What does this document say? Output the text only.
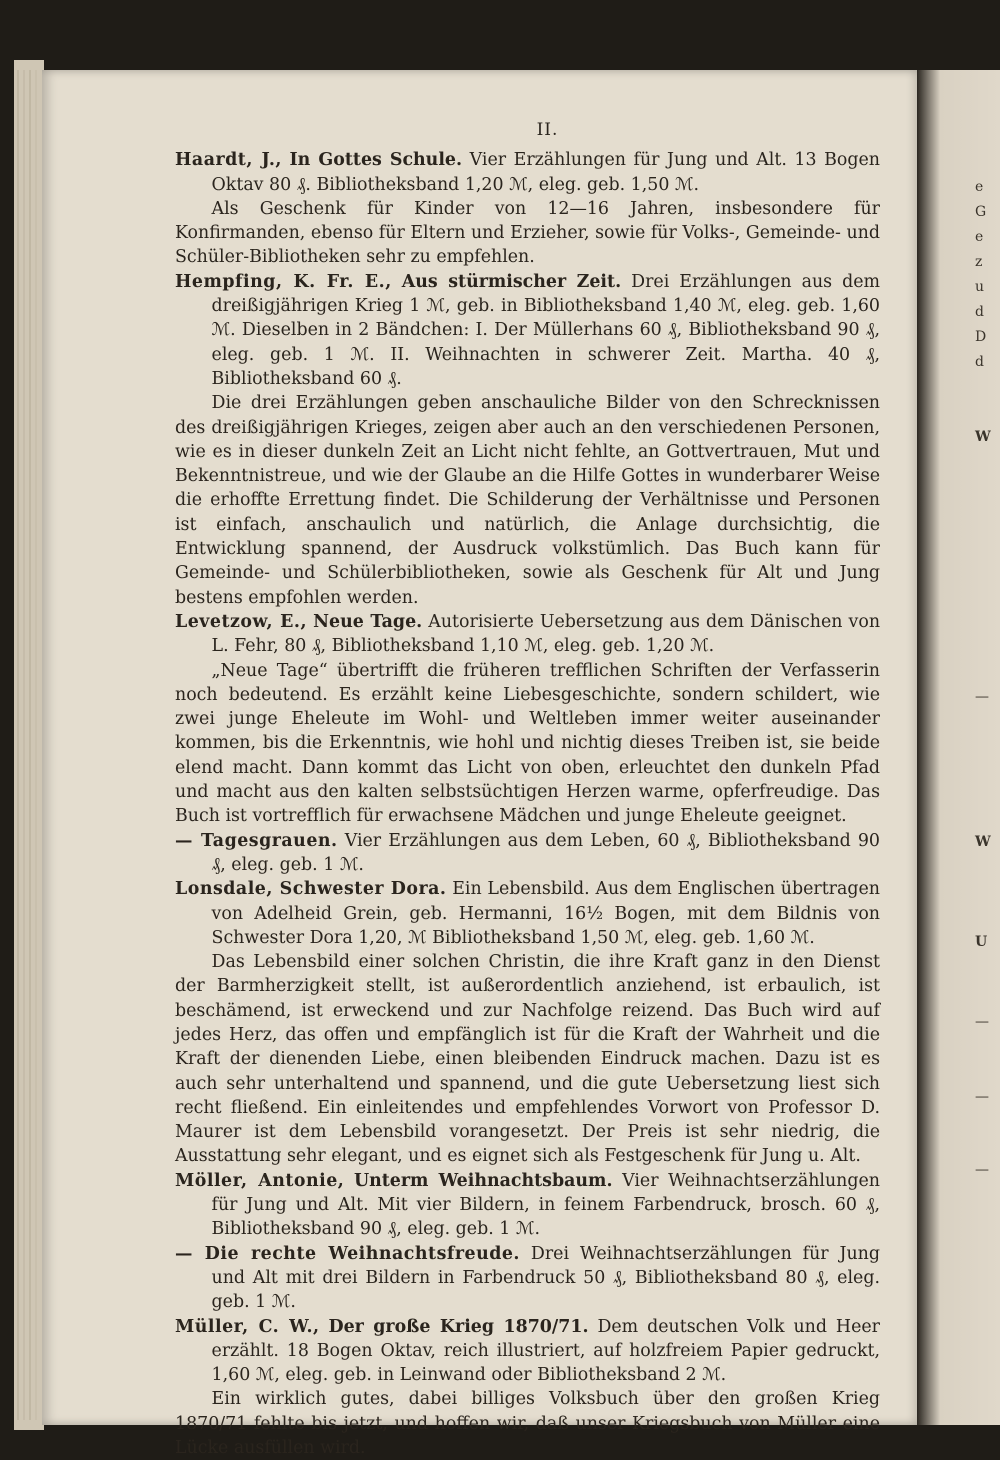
e
G
e
z
u
d
D
d
W
—
W
U
—
—
—
II.

Haardt, J., In Gottes Schule. Vier Erzählungen für Jung und Alt. 13 Bogen Oktav 80 ₰. Bibliotheksband 1,20 ℳ, eleg. geb. 1,50 ℳ.

Als Geschenk für Kinder von 12—16 Jahren, insbesondere für Konfirmanden, ebenso für Eltern und Erzieher, sowie für Volks-, Gemeinde- und Schüler-Bibliotheken sehr zu empfehlen.

Hempfing, K. Fr. E., Aus stürmischer Zeit. Drei Erzählungen aus dem dreißigjährigen Krieg 1 ℳ, geb. in Bibliotheksband 1,40 ℳ, eleg. geb. 1,60 ℳ. Dieselben in 2 Bändchen: I. Der Müllerhans 60 ₰, Bibliotheksband 90 ₰, eleg. geb. 1 ℳ. II. Weihnachten in schwerer Zeit. Martha. 40 ₰, Bibliotheksband 60 ₰.

Die drei Erzählungen geben anschauliche Bilder von den Schrecknissen des dreißigjährigen Krieges, zeigen aber auch an den verschiedenen Personen, wie es in dieser dunkeln Zeit an Licht nicht fehlte, an Gottvertrauen, Mut und Bekenntnistreue, und wie der Glaube an die Hilfe Gottes in wunderbarer Weise die erhoffte Errettung findet. Die Schilderung der Verhältnisse und Personen ist einfach, anschaulich und natürlich, die Anlage durchsichtig, die Entwicklung spannend, der Ausdruck volkstümlich. Das Buch kann für Gemeinde- und Schülerbibliotheken, sowie als Geschenk für Alt und Jung bestens empfohlen werden.

Levetzow, E., Neue Tage. Autorisierte Uebersetzung aus dem Dänischen von L. Fehr, 80 ₰, Bibliotheksband 1,10 ℳ, eleg. geb. 1,20 ℳ.

„Neue Tage“ übertrifft die früheren trefflichen Schriften der Verfasserin noch bedeutend. Es erzählt keine Liebesgeschichte, sondern schildert, wie zwei junge Eheleute im Wohl- und Weltleben immer weiter auseinander kommen, bis die Erkenntnis, wie hohl und nichtig dieses Treiben ist, sie beide elend macht. Dann kommt das Licht von oben, erleuchtet den dunkeln Pfad und macht aus den kalten selbstsüchtigen Herzen warme, opferfreudige. Das Buch ist vortrefflich für erwachsene Mädchen und junge Eheleute geeignet.

— Tagesgrauen. Vier Erzählungen aus dem Leben, 60 ₰, Bibliotheksband 90 ₰, eleg. geb. 1 ℳ.

Lonsdale, Schwester Dora. Ein Lebensbild. Aus dem Englischen übertragen von Adelheid Grein, geb. Hermanni, 16½ Bogen, mit dem Bildnis von Schwester Dora 1,20, ℳ Bibliotheksband 1,50 ℳ, eleg. geb. 1,60 ℳ.

Das Lebensbild einer solchen Christin, die ihre Kraft ganz in den Dienst der Barmherzigkeit stellt, ist außerordentlich anziehend, ist erbaulich, ist beschämend, ist erweckend und zur Nachfolge reizend. Das Buch wird auf jedes Herz, das offen und empfänglich ist für die Kraft der Wahrheit und die Kraft der dienenden Liebe, einen bleibenden Eindruck machen. Dazu ist es auch sehr unterhaltend und spannend, und die gute Uebersetzung liest sich recht fließend. Ein einleitendes und empfehlendes Vorwort von Professor D. Maurer ist dem Lebensbild vorangesetzt. Der Preis ist sehr niedrig, die Ausstattung sehr elegant, und es eignet sich als Festgeschenk für Jung u. Alt.

Möller, Antonie, Unterm Weihnachtsbaum. Vier Weihnachtserzählungen für Jung und Alt. Mit vier Bildern, in feinem Farbendruck, brosch. 60 ₰, Bibliotheksband 90 ₰, eleg. geb. 1 ℳ.

— Die rechte Weihnachtsfreude. Drei Weihnachtserzählungen für Jung und Alt mit drei Bildern in Farbendruck 50 ₰, Bibliotheksband 80 ₰, eleg. geb. 1 ℳ.

Müller, C. W., Der große Krieg 1870/71. Dem deutschen Volk und Heer erzählt. 18 Bogen Oktav, reich illustriert, auf holzfreiem Papier gedruckt, 1,60 ℳ, eleg. geb. in Leinwand oder Bibliotheksband 2 ℳ.

Ein wirklich gutes, dabei billiges Volksbuch über den großen Krieg 1870/71 fehlte bis jetzt, und hoffen wir, daß unser Kriegsbuch von Müller eine Lücke ausfüllen wird.
